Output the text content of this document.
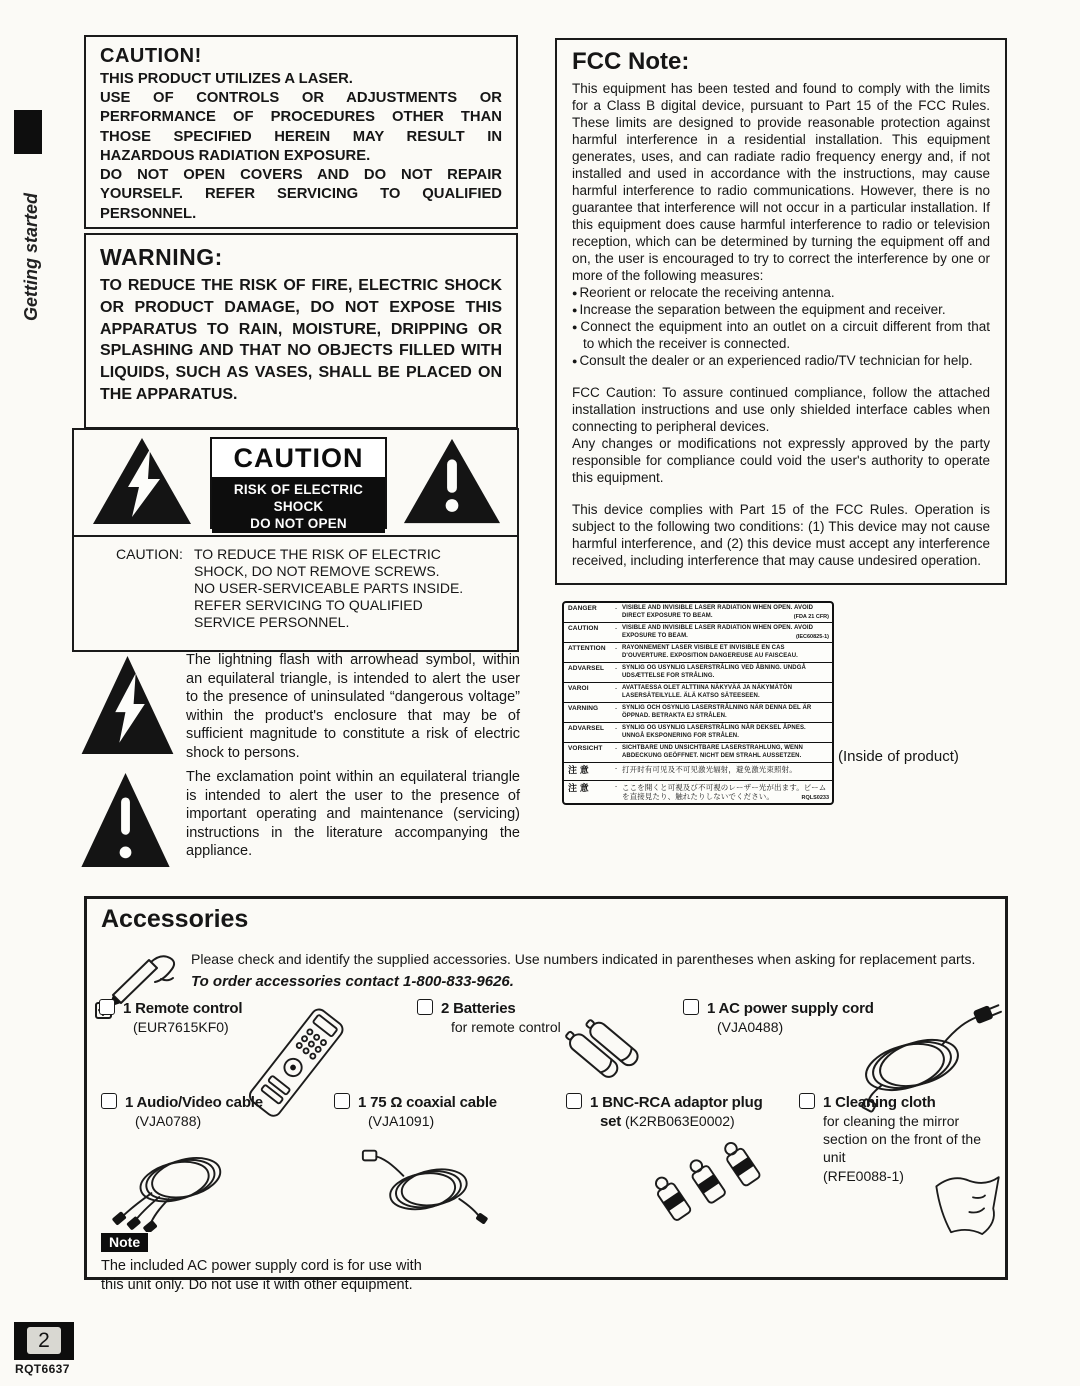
Getting started
CAUTION!

THIS PRODUCT UTILIZES A LASER.

USE OF CONTROLS OR ADJUSTMENTS OR PERFORMANCE OF PROCEDURES OTHER THAN THOSE SPECIFIED HEREIN MAY RESULT IN HAZARDOUS RADIATION EXPOSURE.

DO NOT OPEN COVERS AND DO NOT REPAIR YOURSELF. REFER SERVICING TO QUALIFIED PERSONNEL.

WARNING:

TO REDUCE THE RISK OF FIRE, ELECTRIC SHOCK OR PRODUCT DAMAGE, DO NOT EXPOSE THIS APPARATUS TO RAIN, MOISTURE, DRIPPING OR SPLASHING AND THAT NO OBJECTS FILLED WITH LIQUIDS, SUCH AS VASES, SHALL BE PLACED ON THE APPARATUS.

CAUTION
RISK OF ELECTRIC SHOCK
DO NOT OPEN
CAUTION: TO REDUCE THE RISK OF ELECTRIC SHOCK, DO NOT REMOVE SCREWS.
NO USER-SERVICEABLE PARTS INSIDE.
REFER SERVICING TO QUALIFIED SERVICE PERSONNEL.
The lightning flash with arrowhead symbol, within an equilateral triangle, is intended to alert the user to the presence of uninsulated “dangerous voltage” within the product's enclosure that may be of sufficient magnitude to constitute a risk of electric shock to persons.
The exclamation point within an equilateral triangle is intended to alert the user to the presence of important operating and maintenance (servicing) instructions in the literature accompanying the appliance.
FCC Note:

This equipment has been tested and found to comply with the limits for a Class B digital device, pursuant to Part 15 of the FCC Rules. These limits are designed to provide reasonable protection against harmful interference in a residential installation. This equipment generates, uses, and can radiate radio frequency energy and, if not installed and used in accordance with the instructions, may cause harmful interference to radio communications. However, there is no guarantee that interference will not occur in a particular installation. If this equipment does cause harmful interference to radio or television reception, which can be determined by turning the equipment off and on, the user is encouraged to try to correct the interference by one or more of the following measures:

● Reorient or relocate the receiving antenna.
● Increase the separation between the equipment and receiver.
● Connect the equipment into an outlet on a circuit different from that to which the receiver is connected.
● Consult the dealer or an experienced radio/TV technician for help.

FCC Caution: To assure continued compliance, follow the attached installation instructions and use only shielded interface cables when connecting to peripheral devices.

Any changes or modifications not expressly approved by the party responsible for compliance could void the user's authority to operate this equipment.

This device complies with Part 15 of the FCC Rules. Operation is subject to the following two conditions: (1) This device may not cause harmful interference, and (2) this device must accept any interference received, including interference that may cause undesired operation.

DANGER	- VISIBLE AND INVISIBLE LASER RADIATION WHEN OPEN. AVOID DIRECT EXPOSURE TO BEAM.	(FDA 21 CFR)
CAUTION	- VISIBLE AND INVISIBLE LASER RADIATION WHEN OPEN. AVOID EXPOSURE TO BEAM.	(IEC60825-1)
ATTENTION	- RAYONNEMENT LASER VISIBLE ET INVISIBLE EN CAS D'OUVERTURE. EXPOSITION DANGEREUSE AU FAISCEAU.
ADVARSEL	- SYNLIG OG USYNLIG LASERSTRÅLING VED ÅBNING. UNDGÅ UDSÆTTELSE FOR STRÅLING.
VAROI	- AVATTAESSA OLET ALTTIINA NÄKYVÄÄ JA NÄKYMÄTÖN LASERSÄTEILYLLE. ÄLÄ KATSO SÄTEESEEN.
VARNING	- SYNLIG OCH OSYNLIG LASERSTRÅLNING NÄR DENNA DEL ÄR ÖPPNAD. BETRAKTA EJ STRÅLEN.
ADVARSEL	- SYNLIG OG USYNLIG LASERSTRÅLING NÅR DEKSEL ÅPNES. UNNGÅ EKSPONERING FOR STRÅLEN.
VORSICHT	- SICHTBARE UND UNSICHTBARE LASERSTRAHLUNG, WENN ABDECKUNG GEÖFFNET. NICHT DEM STRAHL AUSSETZEN.
注 意	- 打开时有可见及不可见激光辐射，避免激光束照射。
注 意	- ここを開くと可視及び不可視のレーザー光が出ます。ビームを直接見たり、触れたりしないでください。	RQLS0233
(Inside of product)
Accessories
Please check and identify the supplied accessories. Use numbers indicated in parentheses when asking for replacement parts.
To order accessories contact 1-800-833-9626.
1 Remote control
(EUR7615KF0)
2 Batteries
for remote control
1 AC power supply cord
(VJA0488)
1 Audio/Video cable
(VJA0788)
1 75 Ω coaxial cable
(VJA1091)
1 BNC-RCA adaptor plug
set (K2RB063E0002)
1 Cleaning cloth
for cleaning the mirror section on the front of the unit
(RFE0088-1)
Note
The included AC power supply cord is for use with this unit only. Do not use it with other equipment.
2
RQT6637
